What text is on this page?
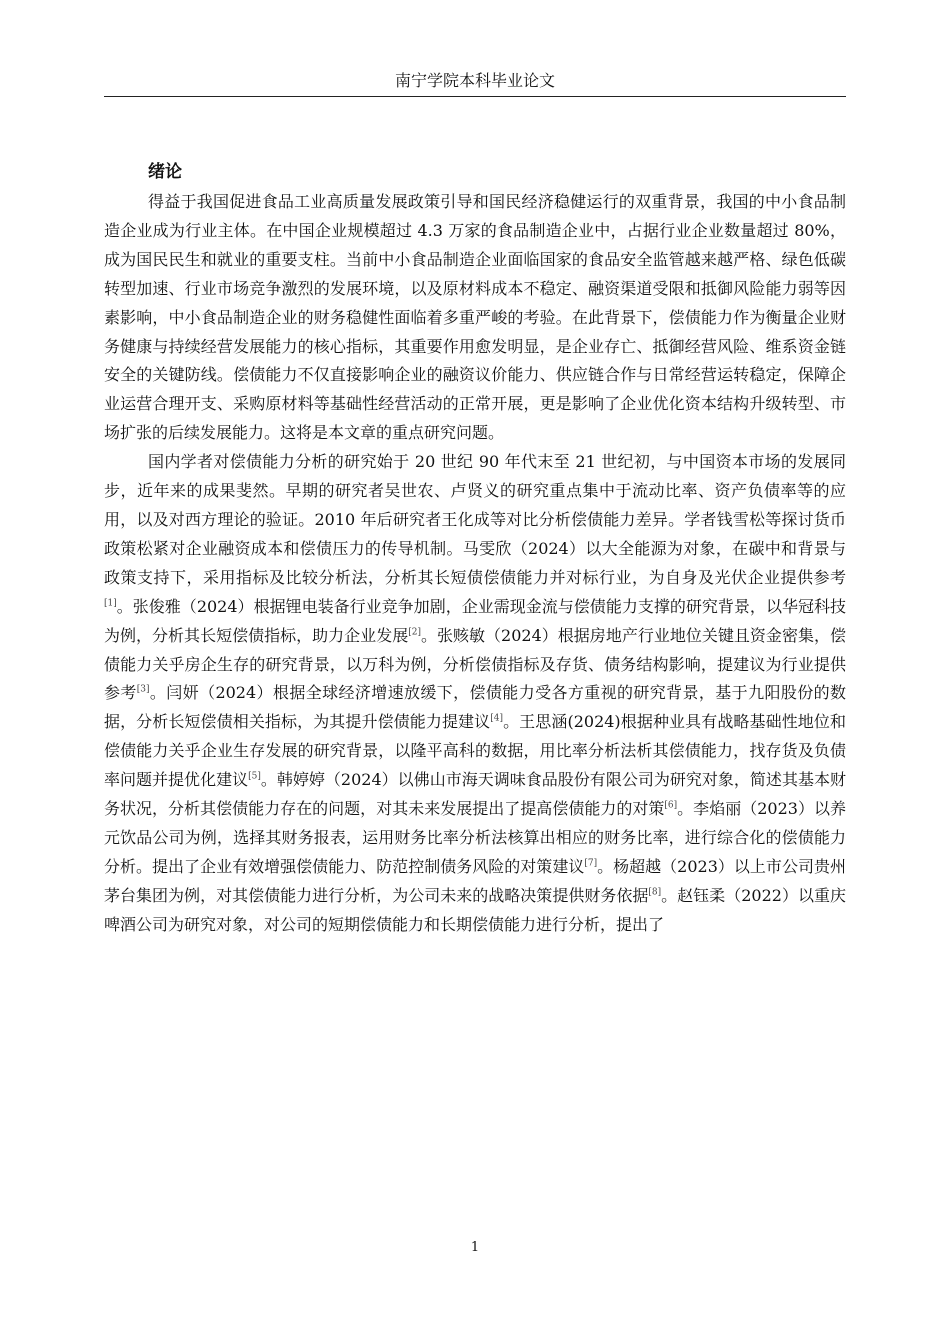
南宁学院本科毕业论文
绪论

得益于我国促进食品工业高质量发展政策引导和国民经济稳健运行的双重背景，我国的中小食品制造企业成为行业主体。在中国企业规模超过 4.3 万家的食品制造企业中，占据行业企业数量超过 80%，成为国民民生和就业的重要支柱。当前中小食品制造企业面临国家的食品安全监管越来越严格、绿色低碳转型加速、行业市场竞争激烈的发展环境，以及原材料成本不稳定、融资渠道受限和抵御风险能力弱等因素影响，中小食品制造企业的财务稳健性面临着多重严峻的考验。在此背景下，偿债能力作为衡量企业财务健康与持续经营发展能力的核心指标，其重要作用愈发明显，是企业存亡、抵御经营风险、维系资金链安全的关键防线。偿债能力不仅直接影响企业的融资议价能力、供应链合作与日常经营运转稳定，保障企业运营合理开支、采购原材料等基础性经营活动的正常开展，更是影响了企业优化资本结构升级转型、市场扩张的后续发展能力。这将是本文章的重点研究问题。

国内学者对偿债能力分析的研究始于 20 世纪 90 年代末至 21 世纪初，与中国资本市场的发展同步，近年来的成果斐然。早期的研究者吴世农、卢贤义的研究重点集中于流动比率、资产负债率等的应用，以及对西方理论的验证。2010 年后研究者王化成等对比分析偿债能力差异。学者钱雪松等探讨货币政策松紧对企业融资成本和偿债压力的传导机制。马雯欣（2024）以大全能源为对象，在碳中和背景与政策支持下，采用指标及比较分析法，分析其长短债偿债能力并对标行业，为自身及光伏企业提供参考[1]。张俊雅（2024）根据锂电装备行业竞争加剧，企业需现金流与偿债能力支撑的研究背景，以华冠科技为例，分析其长短偿债指标，助力企业发展[2]。张赅敏（2024）根据房地产行业地位关键且资金密集，偿债能力关乎房企生存的研究背景，以万科为例，分析偿债指标及存货、债务结构影响，提建议为行业提供参考[3]。闫妍（2024）根据全球经济增速放缓下，偿债能力受各方重视的研究背景，基于九阳股份的数据，分析长短偿债相关指标，为其提升偿债能力提建议[4]。王思涵(2024)根据种业具有战略基础性地位和偿债能力关乎企业生存发展的研究背景，以隆平高科的数据，用比率分析法析其偿债能力，找存货及负债率问题并提优化建议[5]。韩婷婷（2024）以佛山市海天调味食品股份有限公司为研究对象，简述其基本财务状况，分析其偿债能力存在的问题，对其未来发展提出了提高偿债能力的对策[6]。李焰丽（2023）以养元饮品公司为例，选择其财务报表，运用财务比率分析法核算出相应的财务比率，进行综合化的偿债能力分析。提出了企业有效增强偿债能力、防范控制债务风险的对策建议[7]。杨超越（2023）以上市公司贵州茅台集团为例，对其偿债能力进行分析，为公司未来的战略决策提供财务依据[8]。赵钰柔（2022）以重庆啤酒公司为研究对象，对公司的短期偿债能力和长期偿债能力进行分析，提出了

1
